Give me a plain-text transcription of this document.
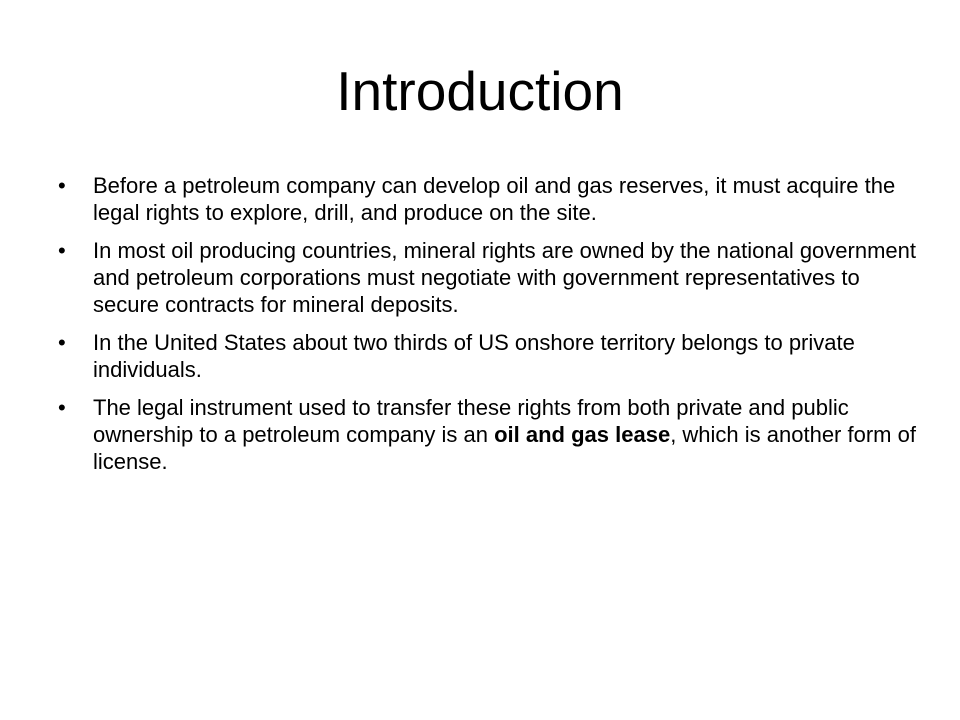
Introduction
• Before a petroleum company can develop oil and gas reserves, it must acquire the legal rights to explore, drill, and produce on the site.
• In most oil producing countries, mineral rights are owned by the national government and petroleum corporations must negotiate with government representatives to secure contracts for mineral deposits.
• In the United States about two thirds of US onshore territory belongs to private individuals.
• The legal instrument used to transfer these rights from both private and public ownership to a petroleum company is an oil and gas lease, which is another form of license.
